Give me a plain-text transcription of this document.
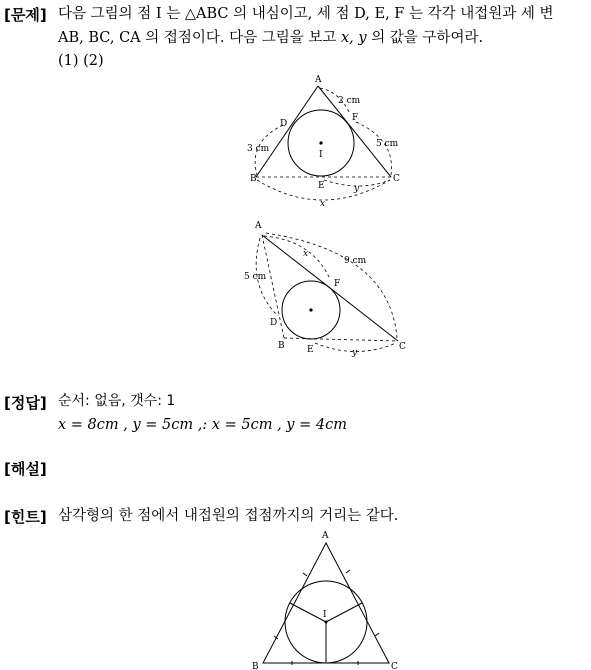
[문제] 다음 그림의 점 I 는 △ABC 의 내심이고, 세 점 D, E, F 는 각각 내접원과 세 변
AB, BC, CA 의 접점이다. 다음 그림을 보고 x, y 의 값을 구하여라.
(1) (2)
A
D
F
I
B
E
C
2 cm
3 cm	5 cm
y
x
A
F
D
B E	C
5 cm
9 cm
x
y
[정답] 순서: 없음, 갯수: 1
x = 8cm , y = 5cm ,: x = 5cm , y = 4cm
[해설]
[힌트] 삼각형의 한 점에서 내접원의 접점까지의 거리는 같다.
A
I
B	C
